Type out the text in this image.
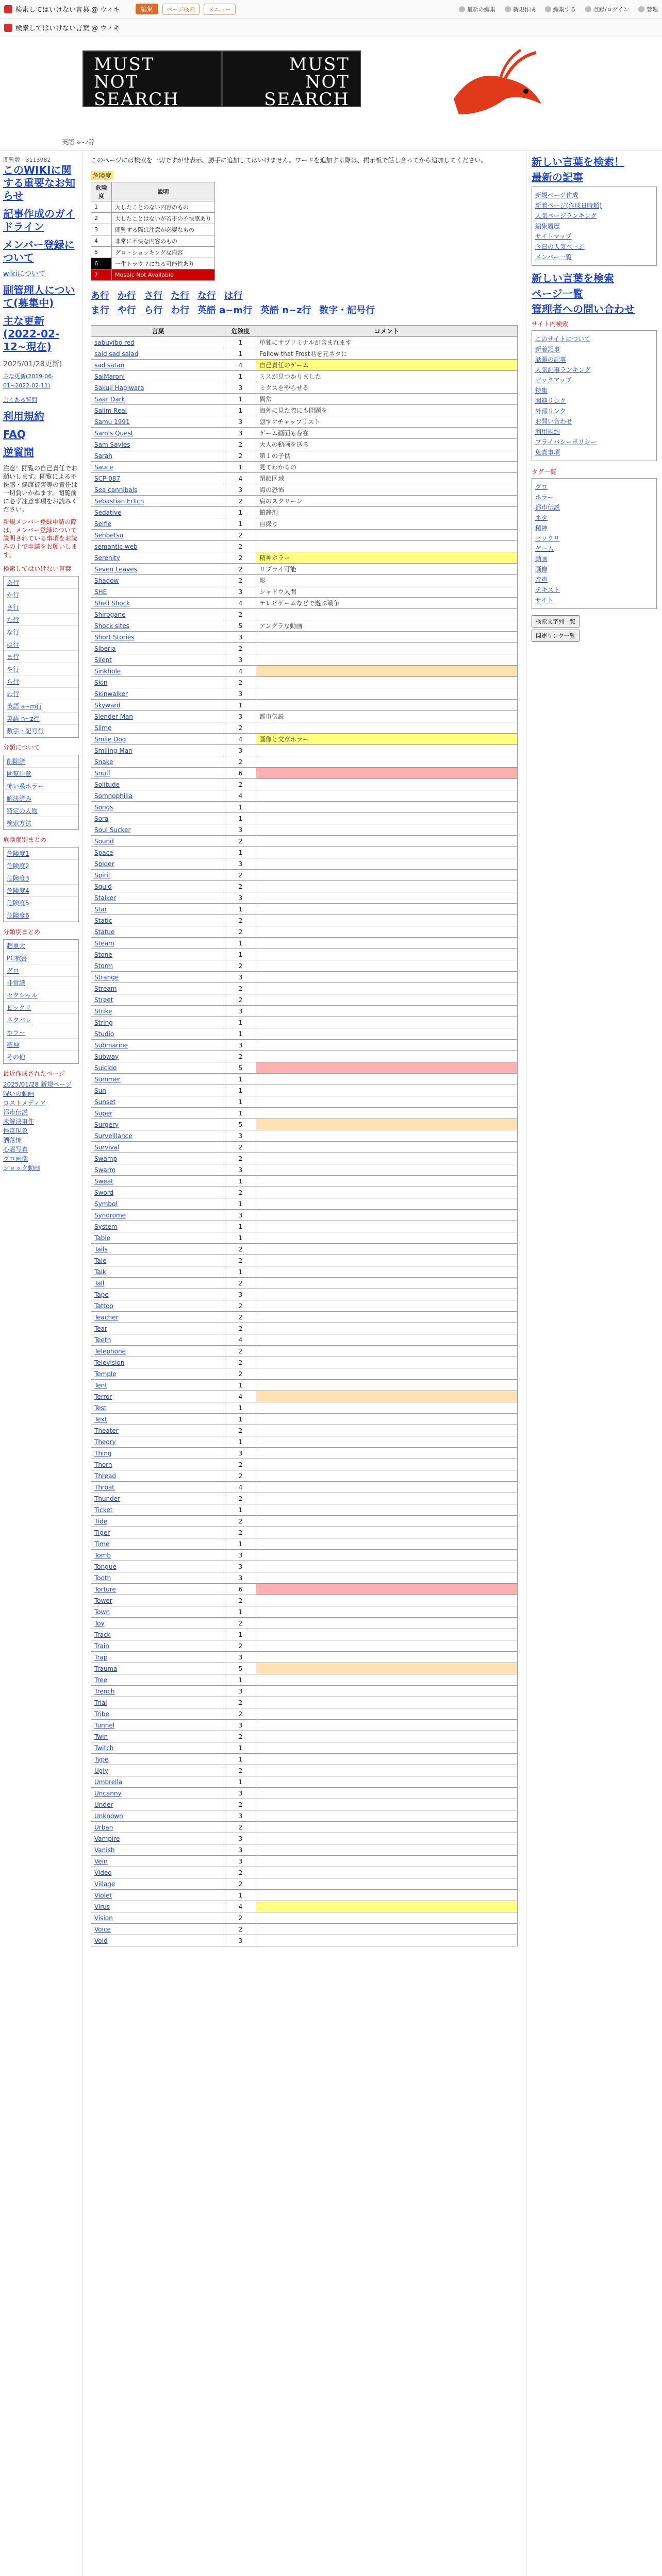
検索してはいけない言葉 @ ウィキ	編集	ページ検索	メニュー	最新の編集	新規作成	編集する	登録/ログイン	管理
検索してはいけない言葉 @ ウィキ
MUST
NOT
SEARCH
MUST
NOT
SEARCH
英語 a~z辞
閲覧数 · 3113982
このWIKIに関する重要なお知らせ
記事作成のガイドライン
メンバー登録について
wikiについて
副管理人について(募集中)
主な更新(2022-02-12~現在)
2025/01/28更新)
主な更新(2019-06-01~2022-02-11)
よくある質問
利用規約
FAQ
逆質問
注意！閲覧の自己責任でお願いします。閲覧による不快感・健康被害等の責任は一切負いかねます。閲覧前に必ず注意事項をお読みください。
新規メンバー登録申請の際は、メンバー登録について説明されている事項をお読みの上で申請をお願いします。
検索してはいけない言葉
あ行
か行
さ行
た行
な行
は行
ま行
や行
ら行
わ行
英語 a~m行
英語 n~z行
数字・記号行
分類について
削除済
閲覧注意
怖い系ホラー
解決済み
特定の人物
検索方法
危険度別まとめ
危険度1
危険度2
危険度3
危険度4
危険度5
危険度6
分類別まとめ
超重大
PC被害
グロ
非常識
セクシャル
ビックリ
ネタバレ
ホラー
精神
その他
最近作成されたページ
2025/01/28 新規ページ
呪いの動画
ロストメディア
都市伝説
未解決事件
怪奇現象
洒落怖
心霊写真
グロ画像
ショック動画
このページには検索を一切ですが非表示。勝手に追加してはいけません。ワードを追加する際は、掲示板で話し合ってから追加してください。
危険度
危険度	説明
1	大したことのない内容のもの
2	大したことはないが若干の不快感あり
3	閲覧する際は注意が必要なもの
4	非常に不快な内容のもの
5	グロ・ショッキングな内容
6	一生トラウマになる可能性あり
7	Mosaic Not Available
あ行 か行 さ行 た行 な行 は行
ま行 や行 ら行 わ行 英語 a~m行 英語 n~z行 数字・記号行
言葉	危険度	コメント
sabuyibo red	1	単独にサブリミナルが含まれます
said sad salad	1	Follow that Frost君を元ネタに
sad satan	4	自己責任のゲーム
SaiMaroni	1	ミスが見つかりました
Sakuji Hagiwara	3	ミクスをやらせる
Saar Dark	1	異常
Salim Real	1	海外に見た際にも問題を
Samu 1991	3	隠すケチャップリスト
Sam's Quest	3	ゲーム画面も存在
Sam Sayles	2	大人の動画を送る
Sarah	2	第１の子供
Sauce	1	見てわかるの
SCP-087	4	閉鎖区域
Sea cannibals	3	海の恐怖
Sebastian Erlich	2	肩のスクリーン
Sedative	1	鎮静剤
Selfie	1	自撮り
Senbetsu	2	
semantic web	2	
Serenity	2	精神ホラー
Seven Leaves	2	リプライ可能
Shadow	2	影
SHE	3	シャドウ人間
Shell Shock	4	テレビゲームなどで遊ぶ戦争
Shirogane	2	
Shock sites	5	アングラな動画
Short Stories	3	
Siberia	2	
Silent	3	
Sinkhole	4	
Skin	2	
Skinwalker	3	
Skyward	1	
Slender Man	3	都市伝説
Slime	2	
Smile Dog	4	画像と文章ホラー
Smiling Man	3	
Snake	2	
Snuff	6	
Solitude	2	
Somnophilia	4	
Songs	1	
Sora	1	
Soul Sucker	3	
Sound	2	
Space	1	
Spider	3	
Spirit	2	
Squid	2	
Stalker	3	
Star	1	
Static	2	
Statue	2	
Steam	1	
Stone	1	
Storm	2	
Strange	3	
Stream	2	
Street	2	
Strike	3	
String	1	
Studio	1	
Submarine	3	
Subway	2	
Suicide	5	
Summer	1	
Sun	1	
Sunset	1	
Super	1	
Surgery	5	
Surveillance	3	
Survival	2	
Swamp	2	
Swarm	3	
Sweat	1	
Sword	2	
Symbol	1	
Syndrome	3	
System	1	
Table	1	
Tails	2	
Tale	2	
Talk	1	
Tall	2	
Tape	3	
Tattoo	2	
Teacher	2	
Tear	2	
Teeth	4	
Telephone	2	
Television	2	
Temple	2	
Tent	1	
Terror	4	
Test	1	
Text	1	
Theater	2	
Theory	1	
Thing	3	
Thorn	2	
Thread	2	
Throat	4	
Thunder	2	
Ticket	1	
Tide	2	
Tiger	2	
Time	1	
Tomb	3	
Tongue	3	
Tooth	3	
Torture	6	
Tower	2	
Town	1	
Toy	2	
Track	1	
Train	2	
Trap	3	
Trauma	5	
Tree	1	
Trench	3	
Trial	2	
Tribe	2	
Tunnel	3	
Twin	2	
Twitch	1	
Type	1	
Ugly	2	
Umbrella	1	
Uncanny	3	
Under	2	
Unknown	3	
Urban	2	
Vampire	3	
Vanish	3	
Vein	3	
Video	2	
Village	2	
Violet	1	
Virus	4	
Vision	2	
Voice	2	
Void	3	
新しい言葉を検索！
最新の記事
新規ページ作成
新着ページ(作成日時順)
人気ページランキング
編集履歴
サイトマップ
今日の人気ページ
メンバー一覧
新しい言葉を検索
ページ一覧
管理者への問い合わせ
サイト内検索
このサイトについて
新着記事
話題の記事
人気記事ランキング
ピックアップ
特集
関連リンク
外部リンク
お問い合わせ
利用規約
プライバシーポリシー
免責事項
タグ一覧
グロ
ホラー
都市伝説
ネタ
精神
ビックリ
ゲーム
動画
画像
音声
テキスト
サイト
検索文字列一覧
関連リンク一覧
